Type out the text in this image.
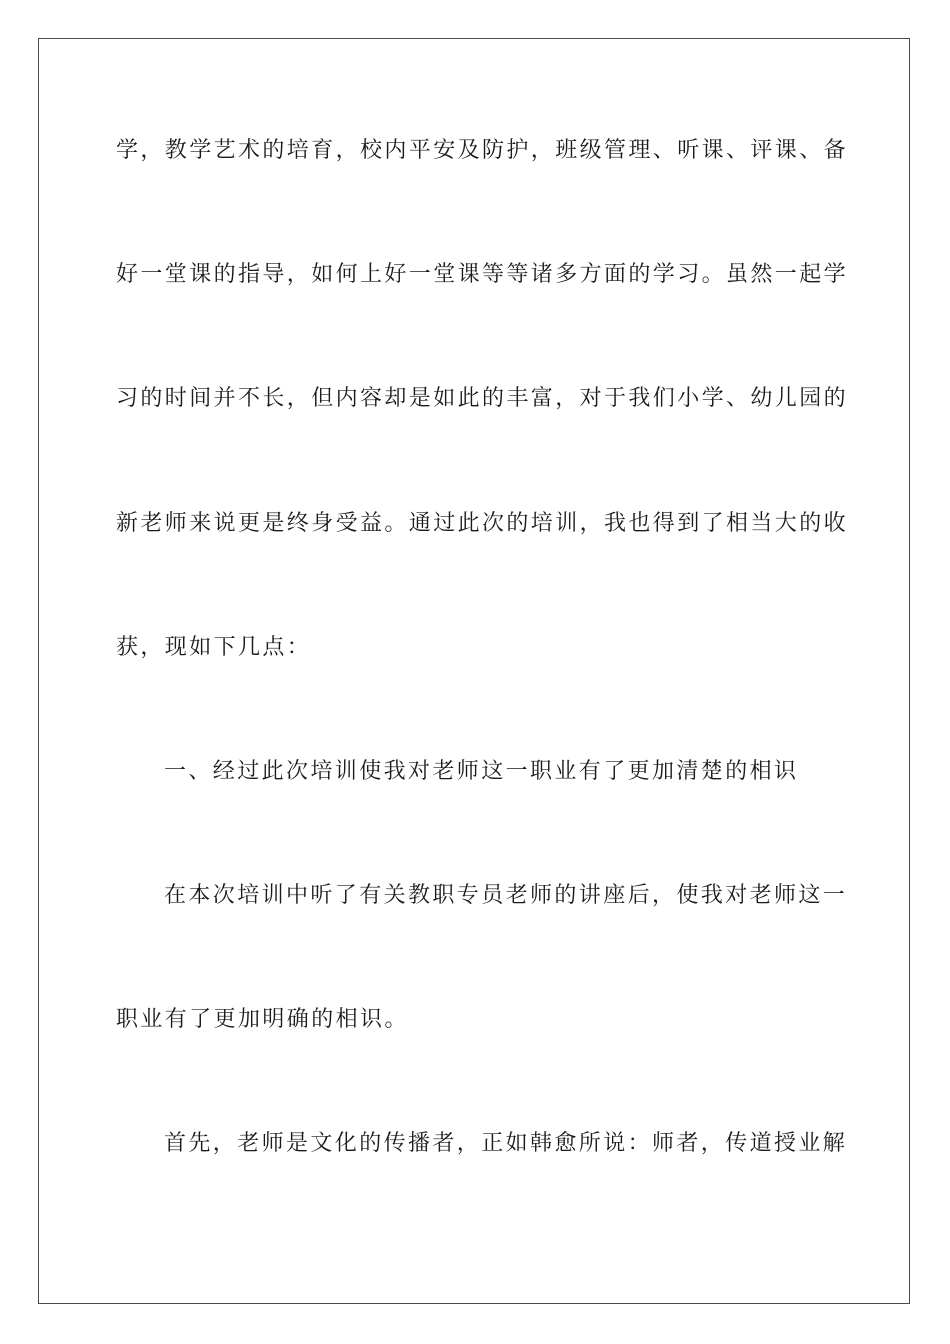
学，教学艺术的培育，校内平安及防护，班级管理、听课、评课、备
好一堂课的指导，如何上好一堂课等等诸多方面的学习。虽然一起学
习的时间并不长，但内容却是如此的丰富，对于我们小学、幼儿园的
新老师来说更是终身受益。通过此次的培训，我也得到了相当大的收
获，现如下几点：
一、经过此次培训使我对老师这一职业有了更加清楚的相识
在本次培训中听了有关教职专员老师的讲座后，使我对老师这一
职业有了更加明确的相识。
首先，老师是文化的传播者，正如韩愈所说：师者，传道授业解
